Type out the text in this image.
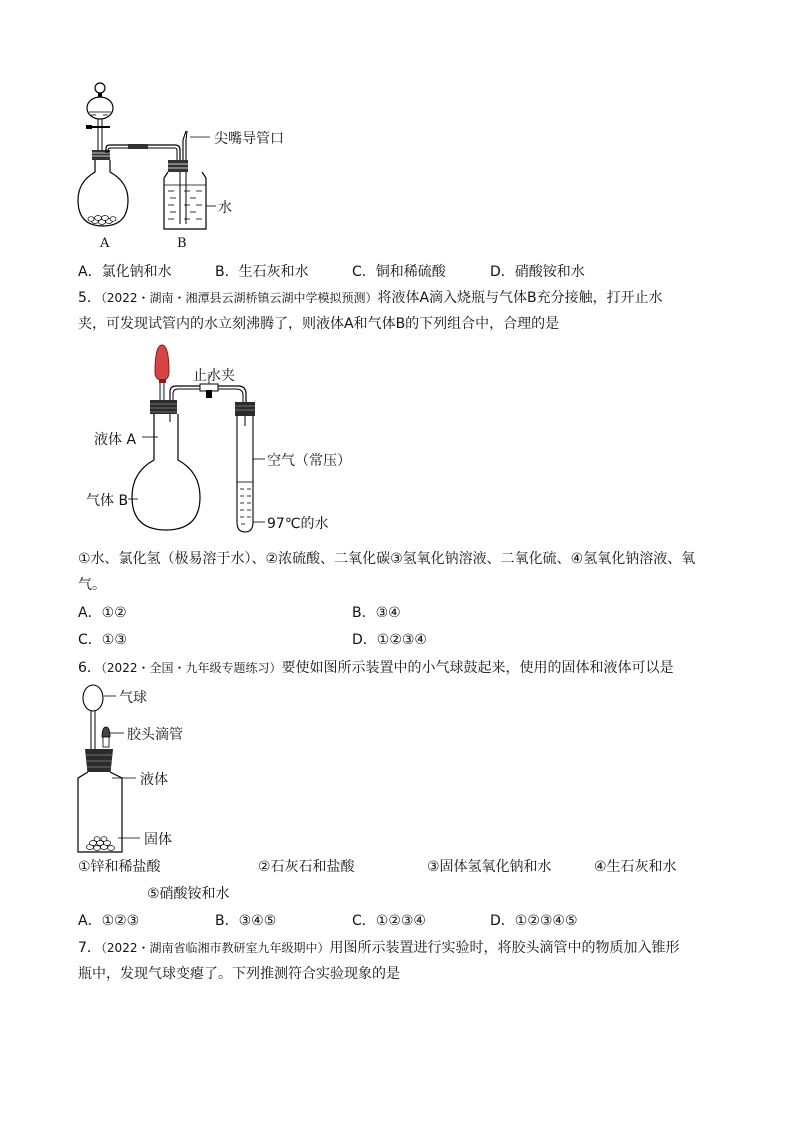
尖嘴导管口
水
A	B
A．氯化钠和水	B．生石灰和水	C．铜和稀硫酸	D．硝酸铵和水
5．（2022・湖南・湘潭县云湖桥镇云湖中学模拟预测）将液体A滴入烧瓶与气体B充分接触，打开止水
夹，可发现试管内的水立刻沸腾了，则液体A和气体B的下列组合中，合理的是
止水夹
液体 A
空气（常压）
气体 B
97℃的水
①水、氯化氢（极易溶于水）、②浓硫酸、二氧化碳③氢氧化钠溶液、二氧化硫、④氢氧化钠溶液、氧
气。
A．①②	B．③④
C．①③	D．①②③④
6．（2022・全国・九年级专题练习）要使如图所示装置中的小气球鼓起来，使用的固体和液体可以是
气球
胶头滴管
液体
固体
①锌和稀盐酸	②石灰石和盐酸	③固体氢氧化钠和水	④生石灰和水
⑤硝酸铵和水
A．①②③	B．③④⑤	C．①②③④	D．①②③④⑤
7．（2022・湖南省临湘市教研室九年级期中）用图所示装置进行实验时，将胶头滴管中的物质加入锥形
瓶中，发现气球变瘪了。下列推测符合实验现象的是
